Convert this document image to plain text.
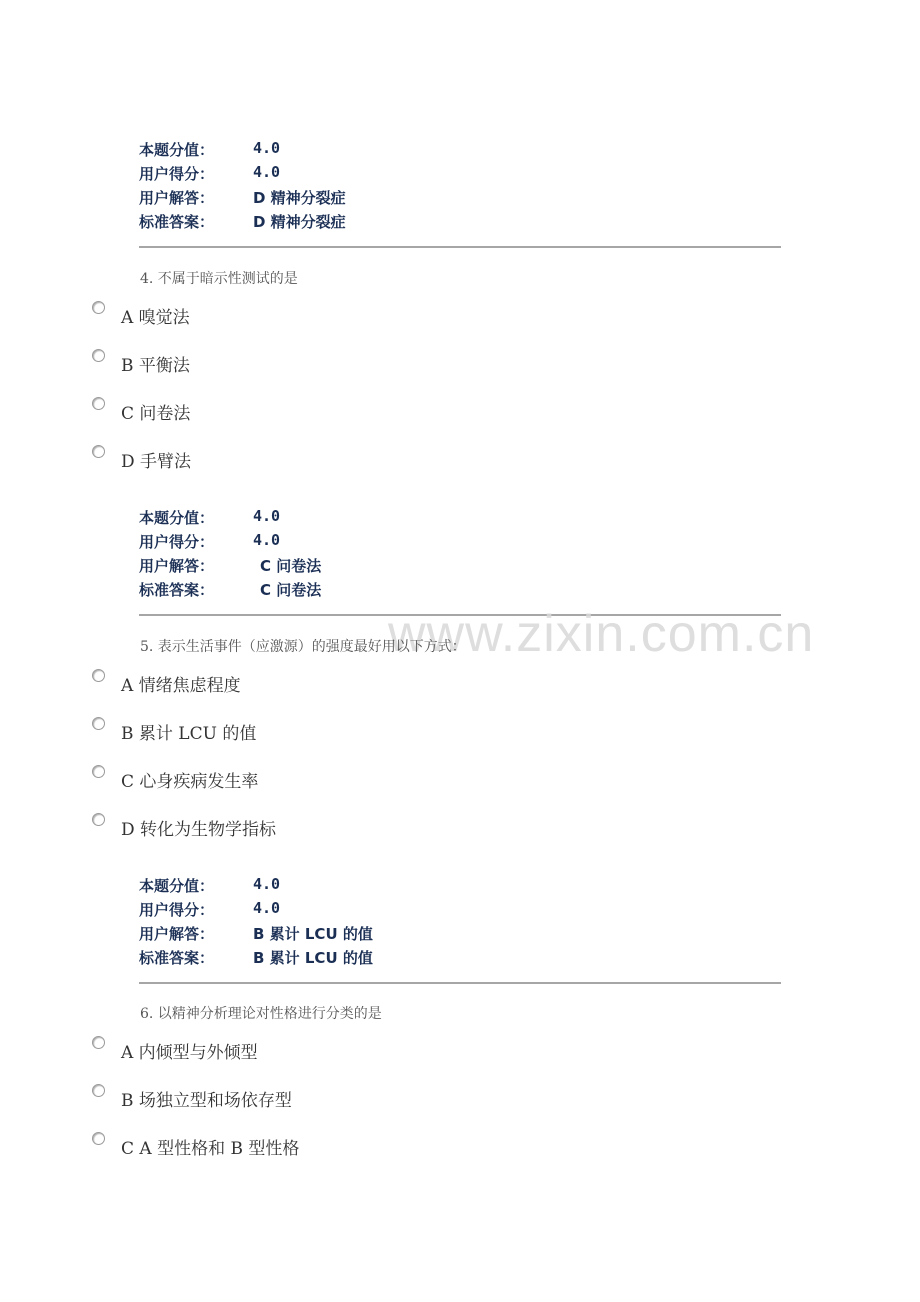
本题分值：	4.0
用户得分：	4.0
用户解答：	D 精神分裂症
标准答案：	D 精神分裂症
4. 不属于暗示性测试的是
A 嗅觉法
B 平衡法
C 问卷法
D 手臂法
本题分值：	4.0
用户得分：	4.0
用户解答：	C 问卷法
标准答案：	C 问卷法
www.zixin.com.cn
5. 表示生活事件（应激源）的强度最好用以下方式：
A 情绪焦虑程度
B 累计 LCU 的值
C 心身疾病发生率
D 转化为生物学指标
本题分值：	4.0
用户得分：	4.0
用户解答：	B 累计 LCU 的值
标准答案：	B 累计 LCU 的值
6. 以精神分析理论对性格进行分类的是
A 内倾型与外倾型
B 场独立型和场依存型
C A 型性格和 B 型性格
